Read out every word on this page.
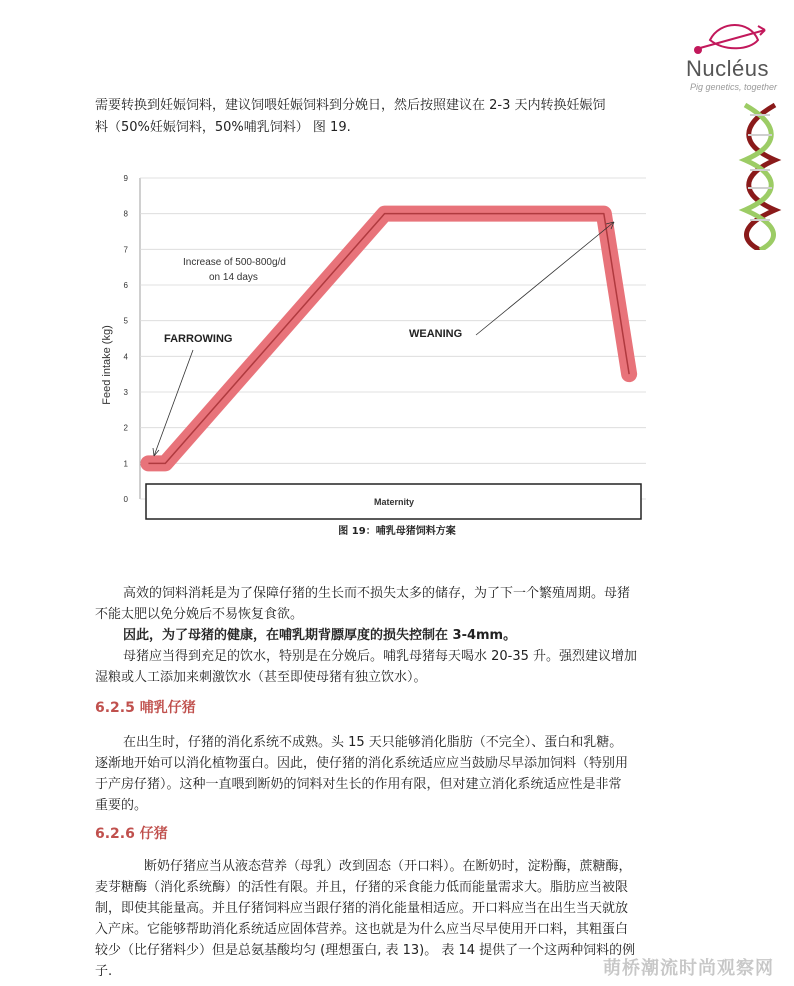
Nucléus
Pig genetics, together
需要转换到妊娠饲料，建议饲喂妊娠饲料到分娩日，然后按照建议在 2-3 天内转换妊娠饲
料（50%妊娠饲料，50%哺乳饲料） 图 19.
Feed intake (kg)
0
1
2
3
4
5
6
7
8
9
Maternity
FARROWING	WEANING
Increase of 500-800g/d
on 14 days
图 19：哺乳母猪饲料方案
高效的饲料消耗是为了保障仔猪的生长而不损失太多的储存，为了下一个繁殖周期。母猪
不能太肥以免分娩后不易恢复食欲。
因此，为了母猪的健康，在哺乳期背膘厚度的损失控制在 3-4mm。
母猪应当得到充足的饮水，特别是在分娩后。哺乳母猪每天喝水 20-35 升。强烈建议增加
湿粮或人工添加来刺激饮水（甚至即使母猪有独立饮水）。
6.2.5 哺乳仔猪
在出生时，仔猪的消化系统不成熟。头 15 天只能够消化脂肪（不完全）、蛋白和乳糖。
逐渐地开始可以消化植物蛋白。因此，使仔猪的消化系统适应应当鼓励尽早添加饲料（特别用
于产房仔猪）。这种一直喂到断奶的饲料对生长的作用有限，但对建立消化系统适应性是非常
重要的。
6.2.6 仔猪
断奶仔猪应当从液态营养（母乳）改到固态（开口料）。在断奶时，淀粉酶，蔗糖酶，
麦芽糖酶（消化系统酶）的活性有限。并且，仔猪的采食能力低而能量需求大。脂肪应当被限
制，即使其能量高。并且仔猪饲料应当跟仔猪的消化能量相适应。开口料应当在出生当天就放
入产床。它能够帮助消化系统适应固体营养。这也就是为什么应当尽早使用开口料，其粗蛋白
较少（比仔猪料少）但是总氨基酸均匀 (理想蛋白, 表 13)。 表 14 提供了一个这两种饲料的例
子.	萌桥潮流时尚观察网
